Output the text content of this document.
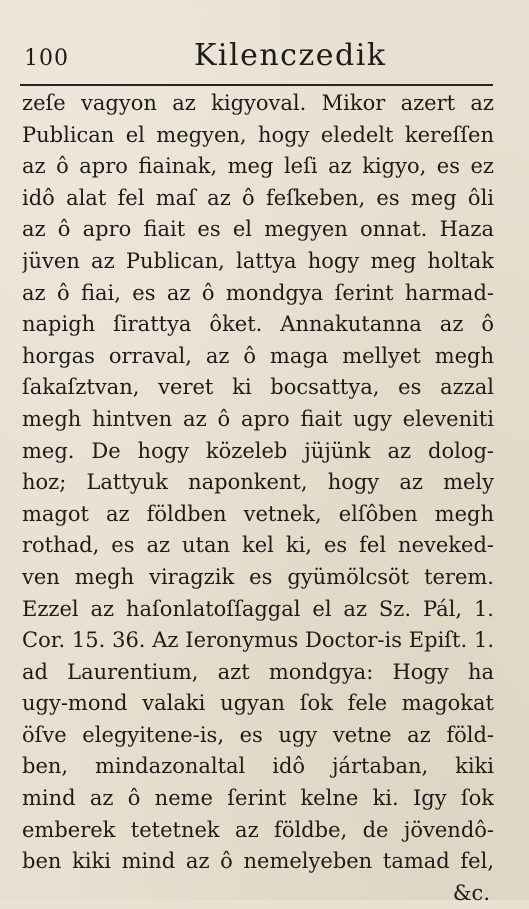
100	Kilenczedik
zeſe vagyon az kigyoval. Mikor azert az
Publican el megyen, hogy eledelt kereſſen
az ô apro fiainak, meg leſi az kigyo, es ez
idô alat fel maſ az ô feſkeben, es meg ôli
az ô apro fiait es el megyen onnat. Haza
jüven az Publican, lattya hogy meg holtak
az ô fiai, es az ô mondgya ſerint harmad-
napigh ſirattya ôket. Annakutanna az ô
horgas orraval, az ô maga mellyet megh
ſakaſztvan, veret ki bocsattya, es azzal
megh hintven az ô apro fiait ugy eleveniti
meg. De hogy közeleb jüjünk az dolog-
hoz; Lattyuk naponkent, hogy az mely
magot az földben vetnek, elſôben megh
rothad, es az utan kel ki, es fel neveked-
ven megh viragzik es gyümölcsöt terem.
Ezzel az haſonlatoſſaggal el az Sz. Pál, 1.
Cor. 15. 36. Az Ieronymus Doctor-is Epiſt. 1.
ad Laurentium, azt mondgya: Hogy ha
ugy-mond valaki ugyan ſok fele magokat
öſve elegyitene-is, es ugy vetne az föld-
ben, mindazonaltal idô jártaban, kiki
mind az ô neme ſerint kelne ki. Igy ſok
emberek tetetnek az földbe, de jövendô-
ben kiki mind az ô nemelyeben tamad fel,
&c.
